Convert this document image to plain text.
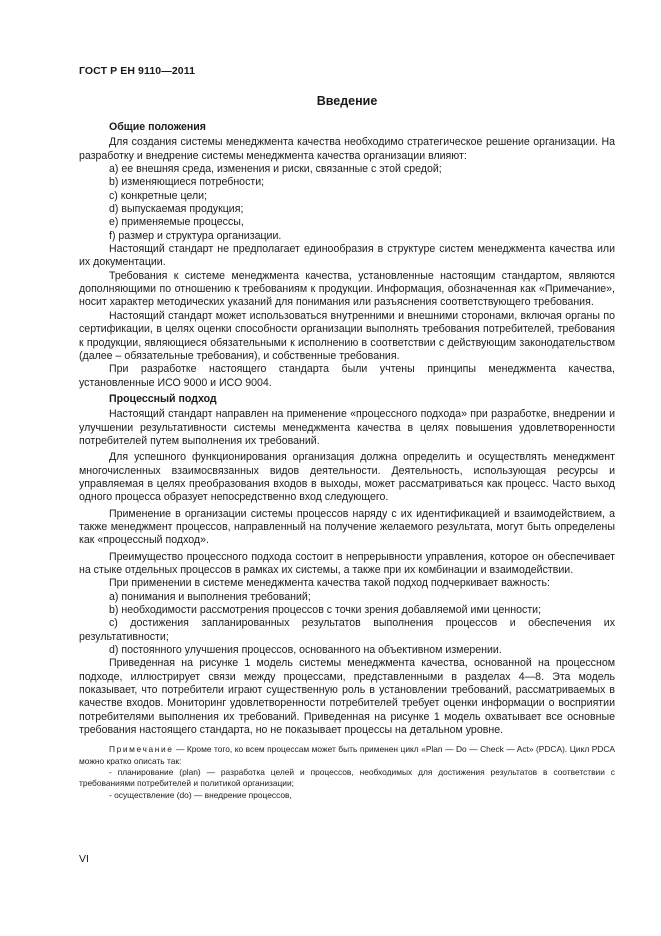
ГОСТ Р ЕН 9110—2011
Введение
Общие положения

Для создания системы менеджмента качества необходимо стратегическое решение организации. На разработку и внедрение системы менеджмента качества организации влияют:

a) ее внешняя среда, изменения и риски, связанные с этой средой;

b) изменяющиеся потребности;

c) конкретные цели;

d) выпускаемая продукция;

e) применяемые процессы,

f) размер и структура организации.

Настоящий стандарт не предполагает единообразия в структуре систем менеджмента качества или их документации.

Требования к системе менеджмента качества, установленные настоящим стандартом, являются дополняющими по отношению к требованиям к продукции. Информация, обозначенная как «Примечание», носит характер методических указаний для понимания или разъяснения соответствующего требования.

Настоящий стандарт может использоваться внутренними и внешними сторонами, включая органы по сертификации, в целях оценки способности организации выполнять требования потребителей, требования к продукции, являющиеся обязательными к исполнению в соответствии с действующим законодательством (далее – обязательные требования), и собственные требования.

При разработке настоящего стандарта были учтены принципы менеджмента качества, установленные ИСО 9000 и ИСО 9004.

Процессный подход

Настоящий стандарт направлен на применение «процессного подхода» при разработке, внедрении и улучшении результативности системы менеджмента качества в целях повышения удовлетворенности потребителей путем выполнения их требований.

Для успешного функционирования организация должна определить и осуществлять менеджмент многочисленных взаимосвязанных видов деятельности. Деятельность, использующая ресурсы и управляемая в целях преобразования входов в выходы, может рассматриваться как процесс. Часто выход одного процесса образует непосредственно вход следующего.

Применение в организации системы процессов наряду с их идентификацией и взаимодействием, а также менеджмент процессов, направленный на получение желаемого результата, могут быть определены как «процессный подход».

Преимущество процессного подхода состоит в непрерывности управления, которое он обеспечивает на стыке отдельных процессов в рамках их системы, а также при их комбинации и взаимодействии.

При применении в системе менеджмента качества такой подход подчеркивает важность:

a) понимания и выполнения требований;

b) необходимости рассмотрения процессов с точки зрения добавляемой ими ценности;

c) достижения запланированных результатов выполнения процессов и обеспечения их результативности;

d) постоянного улучшения процессов, основанного на объективном измерении.

Приведенная на рисунке 1 модель системы менеджмента качества, основанной на процессном подходе, иллюстрирует связи между процессами, представленными в разделах 4—8. Эта модель показывает, что потребители играют существенную роль в установлении требований, рассматриваемых в качестве входов. Мониторинг удовлетворенности потребителей требует оценки информации о восприятии потребителями выполнения их требований. Приведенная на рисунке 1 модель охватывает все основные требования настоящего стандарта, но не показывает процессы на детальном уровне.

Примечание — Кроме того, ко всем процессам может быть применен цикл «Plan — Do — Check — Act» (PDCA). Цикл PDCA можно кратко описать так:

- планирование (plan) — разработка целей и процессов, необходимых для достижения результатов в соответствии с требованиями потребителей и политикой организации;

- осуществление (do) — внедрение процессов,

VI
